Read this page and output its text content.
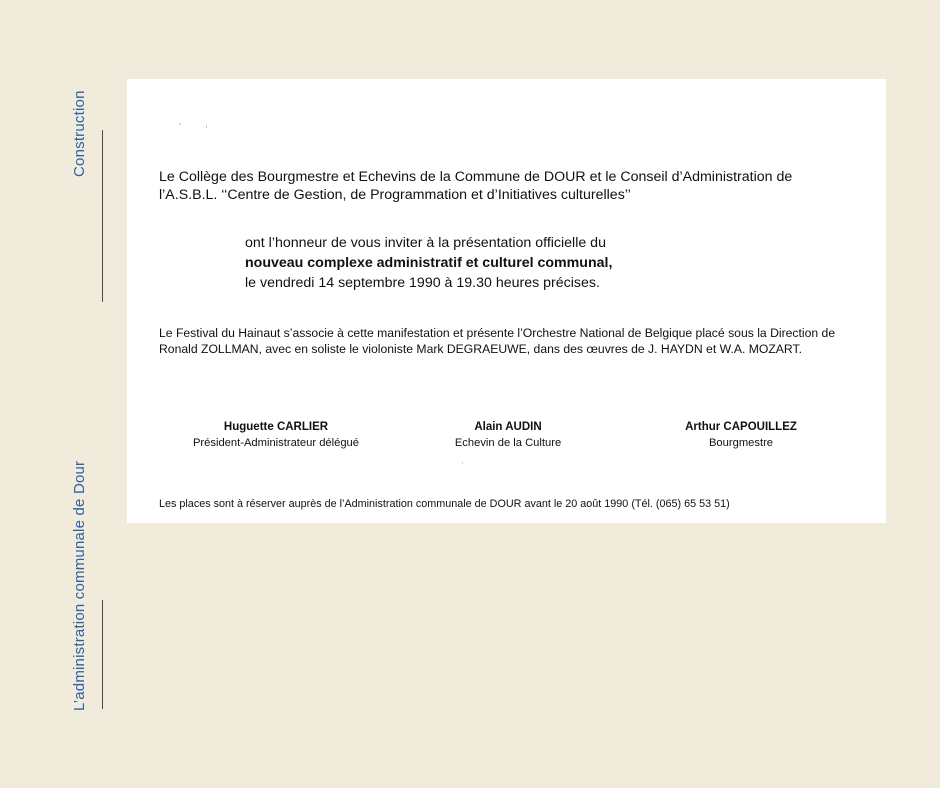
Construction
L’administration communale de Dour

Le Collège des Bourgmestre et Echevins de la Commune de DOUR et le Conseil d’Administration de l’A.S.B.L. ‘‘Centre de Gestion, de Programmation et d’Initiatives culturelles’’

ont l’honneur de vous inviter à la présentation officielle du
nouveau complexe administratif et culturel communal,
le vendredi 14 septembre 1990 à 19.30 heures précises.

Le Festival du Hainaut s’associe à cette manifestation et présente l’Orchestre National de Belgique placé sous la Direction de Ronald ZOLLMAN, avec en soliste le violoniste Mark DEGRAEUWE, dans des œuvres de J. HAYDN et W.A. MOZART.

Huguette CARLIER
Président-Administrateur délégué
Alain AUDIN
Echevin de la Culture
Arthur CAPOUILLEZ
Bourgmestre

Les places sont à réserver auprès de l’Administration communale de DOUR avant le 20 août 1990 (Tél. (065) 65 53 51)
